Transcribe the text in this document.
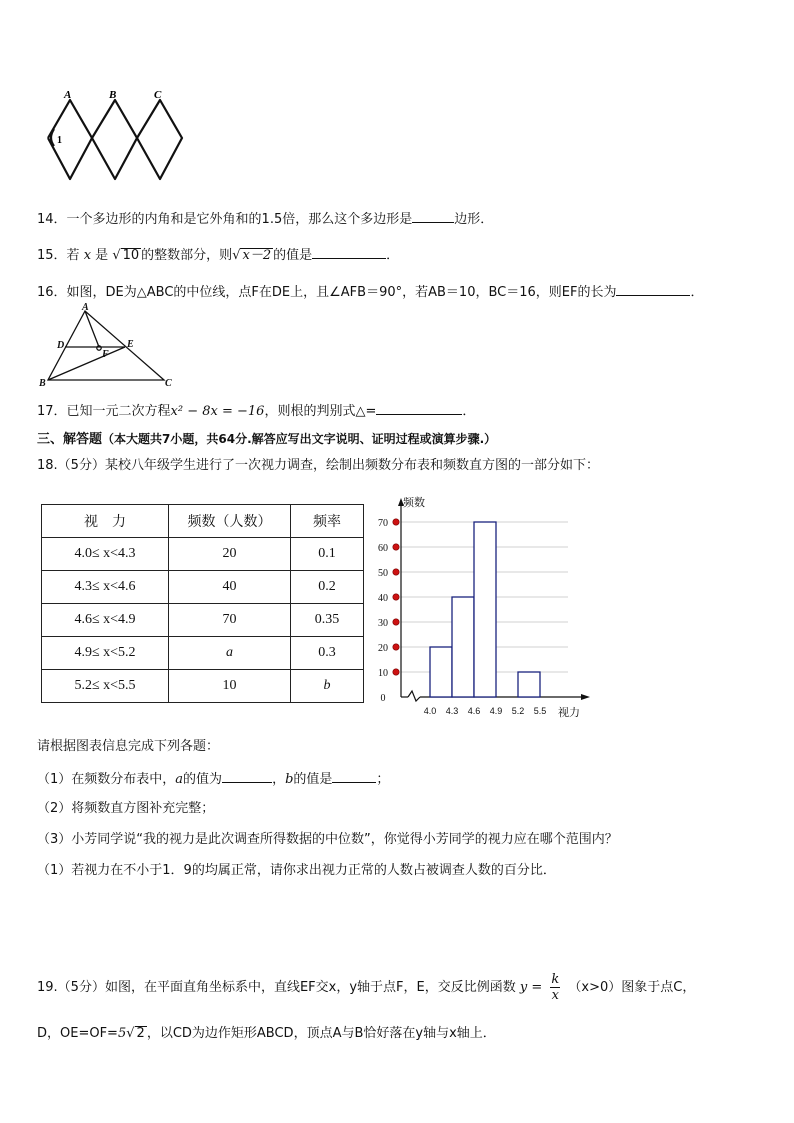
A	B	C
1
14．一个多边形的内角和是它外角和的1.5倍，那么这个多边形是	边形．
15．若 x 是 √ 10 的整数部分，则√ x－2 的值是	．
16．如图，DE为△ABC的中位线，点F在DE上，且∠AFB＝90°，若AB＝10，BC＝16，则EF的长为	．
A
D	E
F
B	C
17．已知一元二次方程x² − 8x = −16，则根的判别式△=	．
三、解答题（本大题共7小题，共64分.解答应写出文字说明、证明过程或演算步骤.）
18.（5分）某校八年级学生进行了一次视力调查，绘制出频数分布表和频数直方图的一部分如下：
视　力	频数（人数）	频率
4.0≤ x<4.3	20	0.1
4.3≤ x<4.6	40	0.2
4.6≤ x<4.9	70	0.35
4.9≤ x<5.2	a	0.3
5.2≤ x<5.5	10	b
0
10
20
30
40
50
60
70
4.0 4.3 4.6 4.9 5.2 5.5
频数
视力
请根据图表信息完成下列各题：
（1）在频数分布表中，a的值为	，b的值是	；
（2）将频数直方图补充完整；
（3）小芳同学说“我的视力是此次调查所得数据的中位数”，你觉得小芳同学的视力应在哪个范围内？
（1）若视力在不小于1．9的均属正常，请你求出视力正常的人数占被调查人数的百分比．
19.（5分）如图，在平面直角坐标系中，直线EF交x，y轴于点F，E，交反比例函数 $y = \frac{k}{x} (x>0)$图象于点C，
D，OE=OF=5√ 2 ，以CD为边作矩形ABCD，顶点A与B恰好落在y轴与x轴上．
